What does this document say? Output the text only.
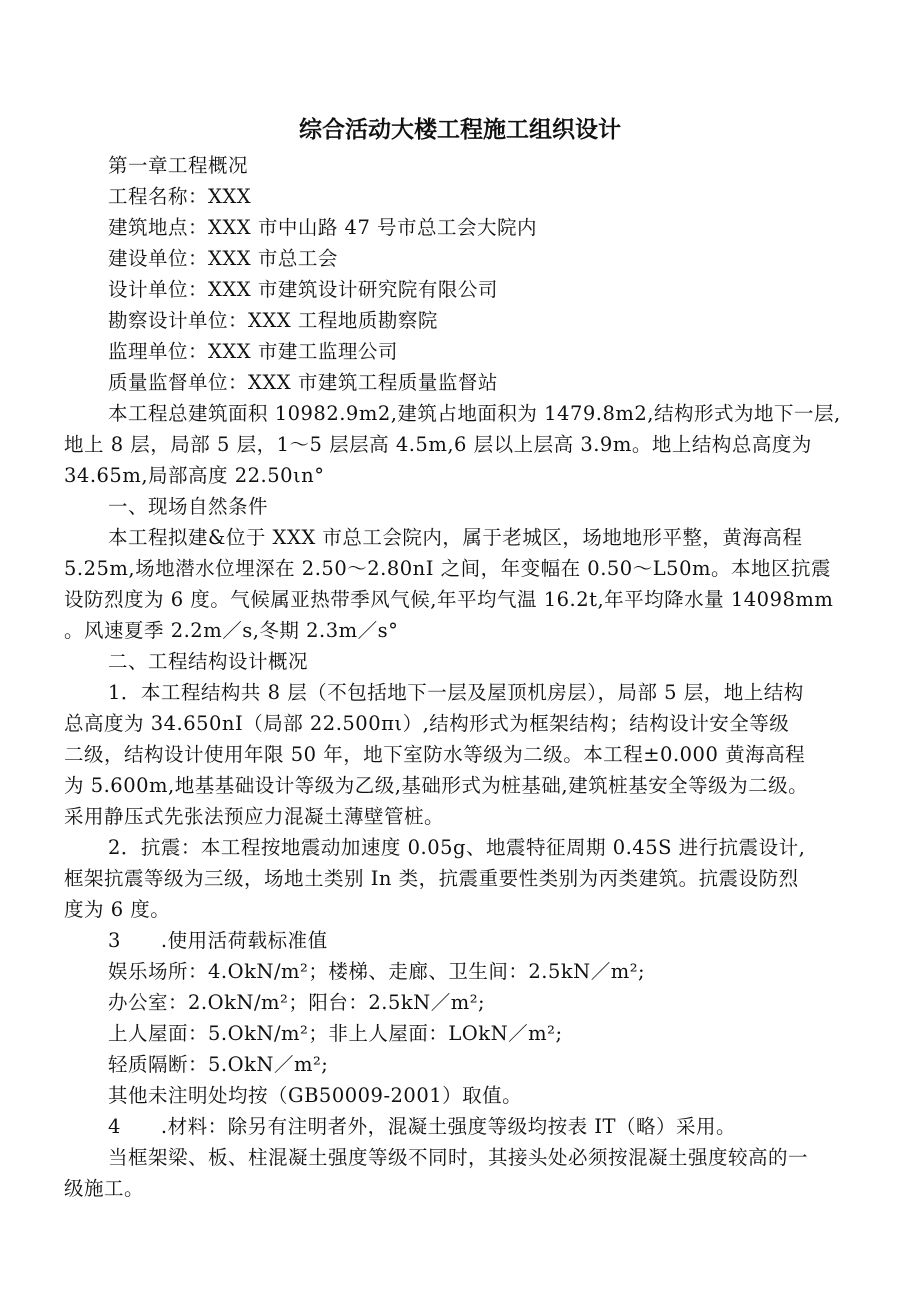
综合活动大楼工程施工组织设计
第一章工程概况
工程名称：XXX
建筑地点：XXX 市中山路 47 号市总工会大院内
建设单位：XXX 市总工会
设计单位：XXX 市建筑设计研究院有限公司
勘察设计单位：XXX 工程地质勘察院
监理单位：XXX 市建工监理公司
质量监督单位：XXX 市建筑工程质量监督站
本工程总建筑面积 10982.9m2,建筑占地面积为 1479.8m2,结构形式为地下一层,
地上 8 层，局部 5 层，1～5 层层高 4.5m,6 层以上层高 3.9m。地上结构总高度为
34.65m,局部高度 22.50ιn°
一、现场自然条件
本工程拟建&位于 XXX 市总工会院内，属于老城区，场地地形平整，黄海高程
5.25m,场地潜水位埋深在 2.50～2.80nI 之间，年变幅在 0.50～L50m。本地区抗震
设防烈度为 6 度。气候属亚热带季风气候,年平均气温 16.2t,年平均降水量 14098mm
。风速夏季 2.2m／s,冬期 2.3m／s°
二、工程结构设计概况
1．本工程结构共 8 层（不包括地下一层及屋顶机房层），局部 5 层，地上结构
总高度为 34.650nI（局部 22.500πι）,结构形式为框架结构；结构设计安全等级
二级，结构设计使用年限 50 年，地下室防水等级为二级。本工程±0.000 黄海高程
为 5.600m,地基基础设计等级为乙级,基础形式为桩基础,建筑桩基安全等级为二级。
采用静压式先张法预应力混凝土薄壁管桩。
2．抗震：本工程按地震动加速度 0.05g、地震特征周期 0.45S 进行抗震设计,
框架抗震等级为三级，场地土类别 In 类，抗震重要性类别为丙类建筑。抗震设防烈
度为 6 度。
3　　.使用活荷载标准值
娱乐场所：4.OkN/m²；楼梯、走廊、卫生间：2.5kN／m²;
办公室：2.OkN/m²；阳台：2.5kN／m²;
上人屋面：5.OkN/m²；非上人屋面：LOkN／m²;
轻质隔断：5.OkN／m²;
其他未注明处均按（GB50009-2001）取值。
4　　.材料：除另有注明者外，混凝土强度等级均按表 IT（略）采用。
当框架梁、板、柱混凝土强度等级不同时，其接头处必须按混凝土强度较高的一
级施工。
